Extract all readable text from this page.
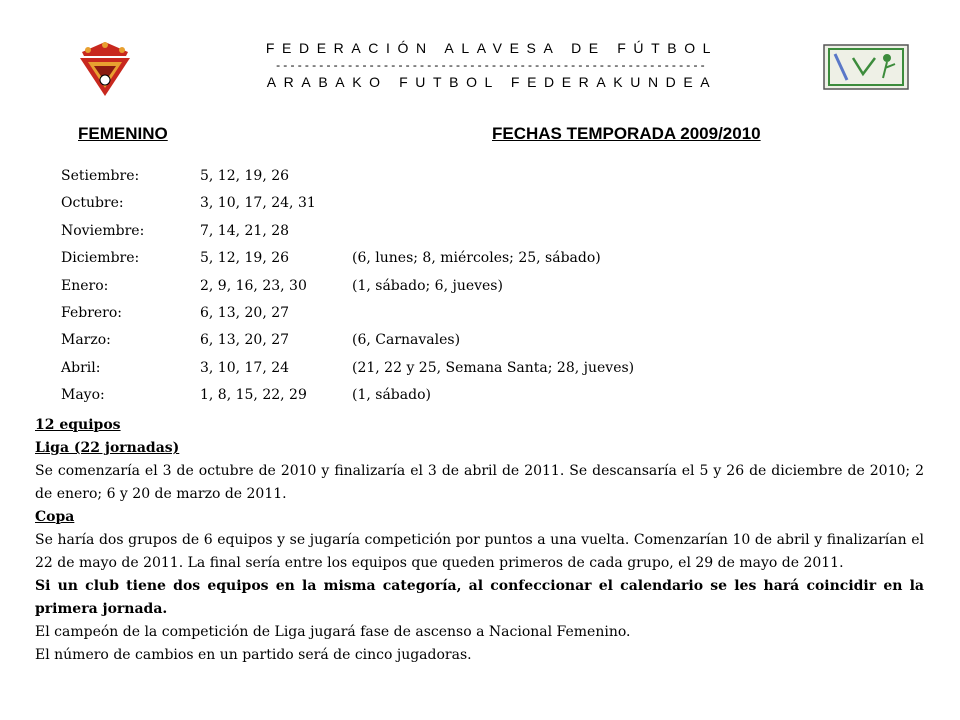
FEDERACIÓN ALAVESA DE FÚTBOL
------------------------------------------------------------
ARABAKO FUTBOL FEDERAKUNDEA
FEMENINO	FECHAS TEMPORADA 2009/2010
Setiembre:	5, 12, 19, 26
Octubre:	3, 10, 17, 24, 31
Noviembre:	7, 14, 21, 28
Diciembre:	5, 12, 19, 26	(6, lunes; 8, miércoles; 25, sábado)
Enero:	2, 9, 16, 23, 30	(1, sábado; 6, jueves)
Febrero:	6, 13, 20, 27
Marzo:	6, 13, 20, 27	(6, Carnavales)
Abril:	3, 10, 17, 24	(21, 22 y 25, Semana Santa; 28, jueves)
Mayo:	1, 8, 15, 22, 29	(1, sábado)

12 equipos

Liga (22 jornadas)

Se comenzaría el 3 de octubre de 2010 y finalizaría el 3 de abril de 2011. Se descansaría el 5 y 26 de diciembre de 2010; 2 de enero; 6 y 20 de marzo de 2011.

Copa

Se haría dos grupos de 6 equipos y se jugaría competición por puntos a una vuelta. Comenzarían 10 de abril y finalizarían el 22 de mayo de 2011. La final sería entre los equipos que queden primeros de cada grupo, el 29 de mayo de 2011.

Si un club tiene dos equipos en la misma categoría, al confeccionar el calendario se les hará coincidir en la primera jornada.

El campeón de la competición de Liga jugará fase de ascenso a Nacional Femenino.

El número de cambios en un partido será de cinco jugadoras.
